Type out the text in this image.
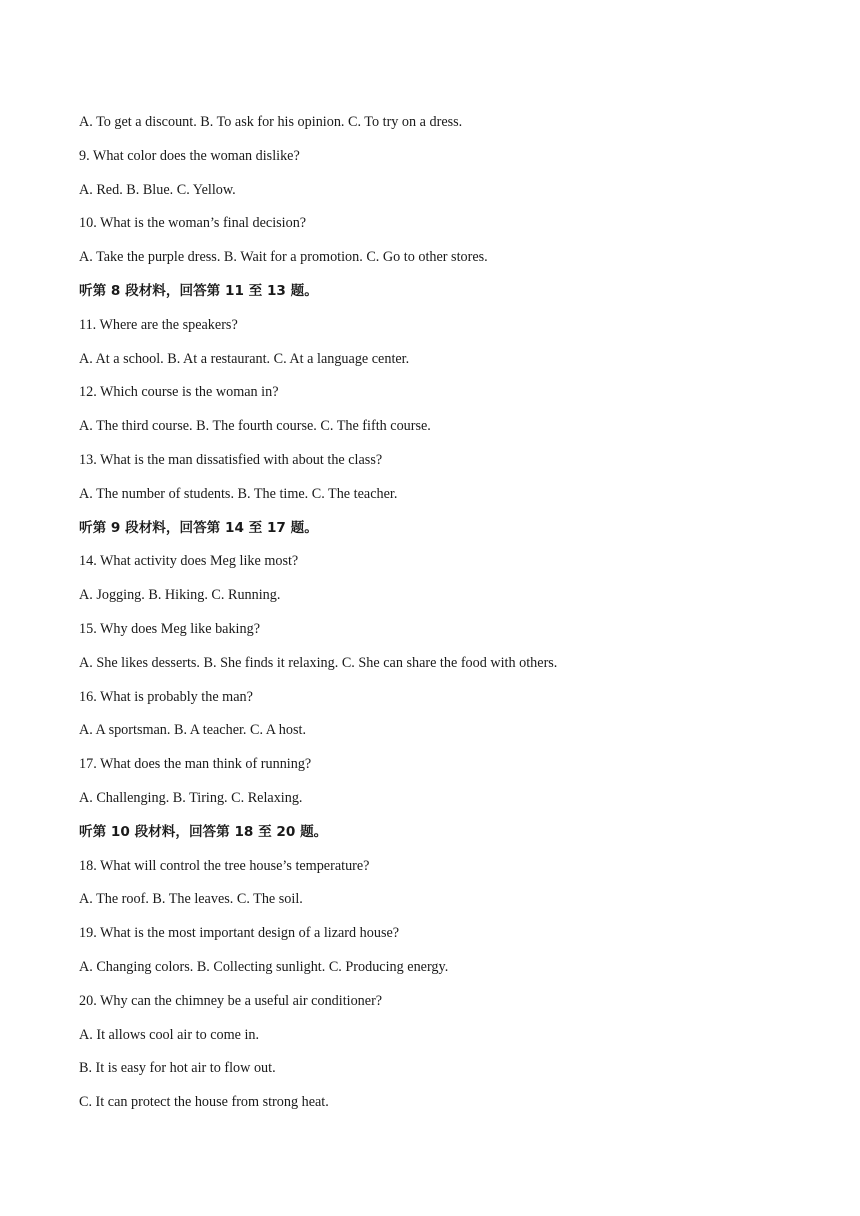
A. To get a discount. B. To ask for his opinion. C. To try on a dress.
9. What color does the woman dislike?
A. Red. B. Blue. C. Yellow.
10. What is the woman’s final decision?
A. Take the purple dress. B. Wait for a promotion. C. Go to other stores.
听第 8 段材料，回答第 11 至 13 题。
11. Where are the speakers?
A. At a school. B. At a restaurant. C. At a language center.
12. Which course is the woman in?
A. The third course. B. The fourth course. C. The fifth course.
13. What is the man dissatisfied with about the class?
A. The number of students. B. The time. C. The teacher.
听第 9 段材料，回答第 14 至 17 题。
14. What activity does Meg like most?
A. Jogging. B. Hiking. C. Running.
15. Why does Meg like baking?
A. She likes desserts. B. She finds it relaxing. C. She can share the food with others.
16. What is probably the man?
A. A sportsman. B. A teacher. C. A host.
17. What does the man think of running?
A. Challenging. B. Tiring. C. Relaxing.
听第 10 段材料，回答第 18 至 20 题。
18. What will control the tree house’s temperature?
A. The roof. B. The leaves. C. The soil.
19. What is the most important design of a lizard house?
A. Changing colors. B. Collecting sunlight. C. Producing energy.
20. Why can the chimney be a useful air conditioner?
A. It allows cool air to come in.
B. It is easy for hot air to flow out.
C. It can protect the house from strong heat.
